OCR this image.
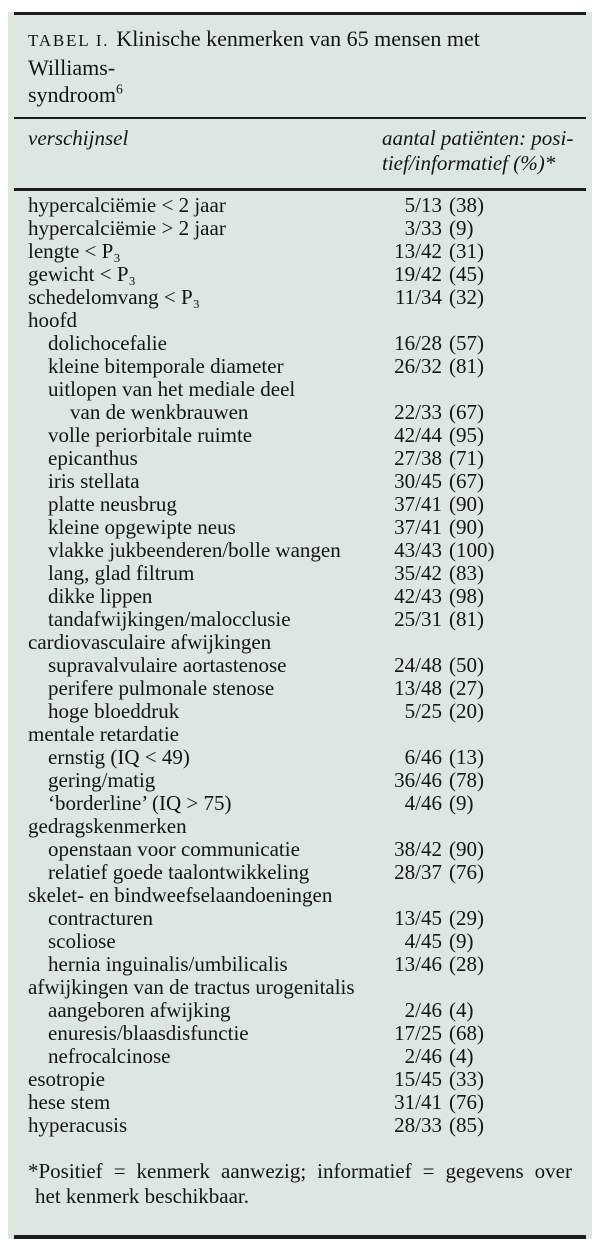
TABEL I. Klinische kenmerken van 65 mensen met Williams-
syndroom$^6$
verschijnsel	aantal patiënten: posi-
tief/informatief (%)*
hypercalciëmie < 2 jaar	5/13 (38)
hypercalciëmie > 2 jaar	3/33 (9)
lengte < P₃	13/42 (31)
gewicht < P₃	19/42 (45)
schedelomvang < P₃	11/34 (32)
hoofd
dolichocefalie	16/28 (57)
kleine bitemporale diameter	26/32 (81)
uitlopen van het mediale deel
van de wenkbrauwen	22/33 (67)
volle periorbitale ruimte	42/44 (95)
epicanthus	27/38 (71)
iris stellata	30/45 (67)
platte neusbrug	37/41 (90)
kleine opgewipte neus	37/41 (90)
vlakke jukbeenderen/bolle wangen	43/43 (100)
lang, glad filtrum	35/42 (83)
dikke lippen	42/43 (98)
tandafwijkingen/malocclusie	25/31 (81)
cardiovasculaire afwijkingen
supravalvulaire aortastenose	24/48 (50)
perifere pulmonale stenose	13/48 (27)
hoge bloeddruk	5/25 (20)
mentale retardatie
ernstig (IQ < 49)	6/46 (13)
gering/matig	36/46 (78)
‘borderline’ (IQ > 75)	4/46 (9)
gedragskenmerken
openstaan voor communicatie	38/42 (90)
relatief goede taalontwikkeling	28/37 (76)
skelet- en bindweefselaandoeningen
contracturen	13/45 (29)
scoliose	4/45 (9)
hernia inguinalis/umbilicalis	13/46 (28)
afwijkingen van de tractus urogenitalis
aangeboren afwijking	2/46 (4)
enuresis/blaasdisfunctie	17/25 (68)
nefrocalcinose	2/46 (4)
esotropie	15/45 (33)
hese stem	31/41 (76)
hyperacusis	28/33 (85)
*Positief = kenmerk aanwezig; informatief = gegevens over
het kenmerk beschikbaar.
